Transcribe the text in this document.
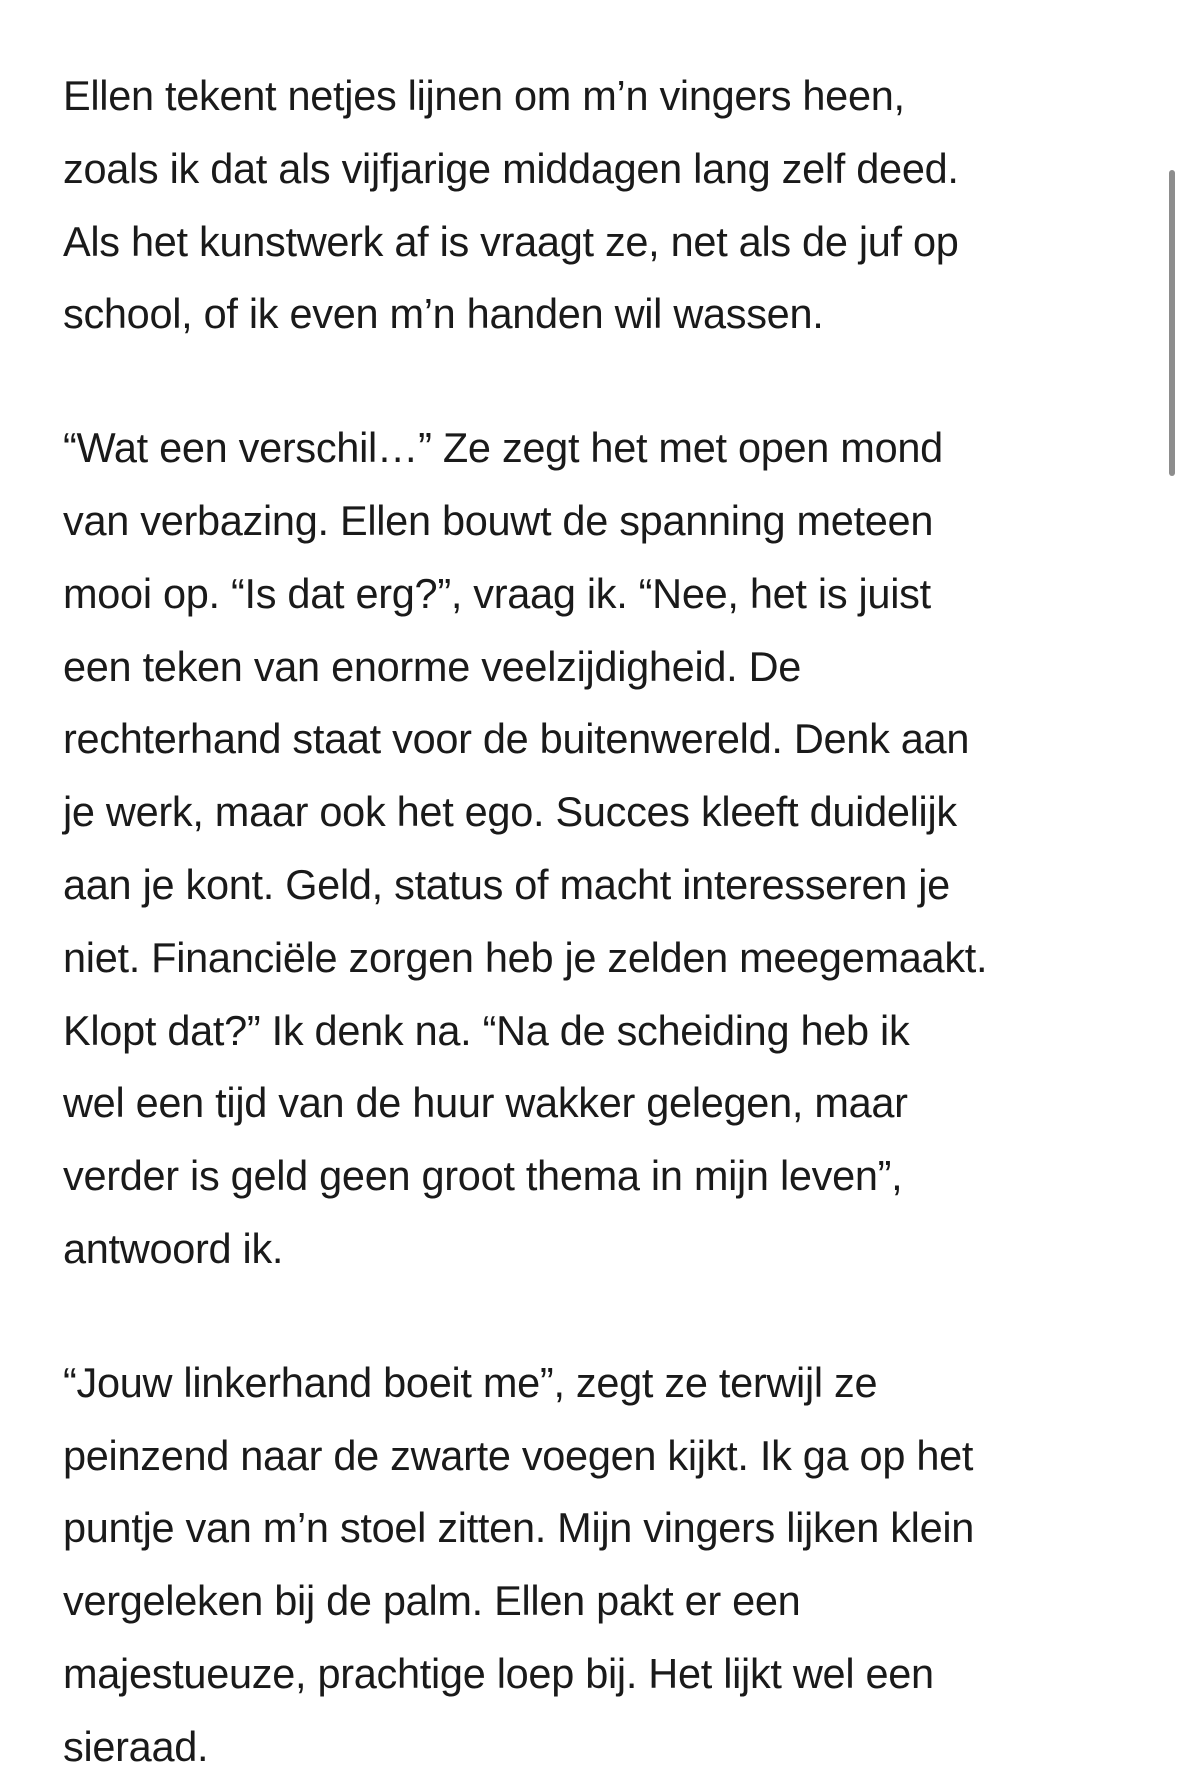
Ellen tekent netjes lijnen om m’n vingers heen,
zoals ik dat als vijfjarige middagen lang zelf deed.
Als het kunstwerk af is vraagt ze, net als de juf op
school, of ik even m’n handen wil wassen.

“Wat een verschil…” Ze zegt het met open mond
van verbazing. Ellen bouwt de spanning meteen
mooi op. “Is dat erg?”, vraag ik. “Nee, het is juist
een teken van enorme veelzijdigheid. De
rechterhand staat voor de buitenwereld. Denk aan
je werk, maar ook het ego. Succes kleeft duidelijk
aan je kont. Geld, status of macht interesseren je
niet. Financiële zorgen heb je zelden meegemaakt.
Klopt dat?” Ik denk na. “Na de scheiding heb ik
wel een tijd van de huur wakker gelegen, maar
verder is geld geen groot thema in mijn leven”,
antwoord ik.

“Jouw linkerhand boeit me”, zegt ze terwijl ze
peinzend naar de zwarte voegen kijkt. Ik ga op het
puntje van m’n stoel zitten. Mijn vingers lijken klein
vergeleken bij de palm. Ellen pakt er een
majestueuze, prachtige loep bij. Het lijkt wel een
sieraad.
